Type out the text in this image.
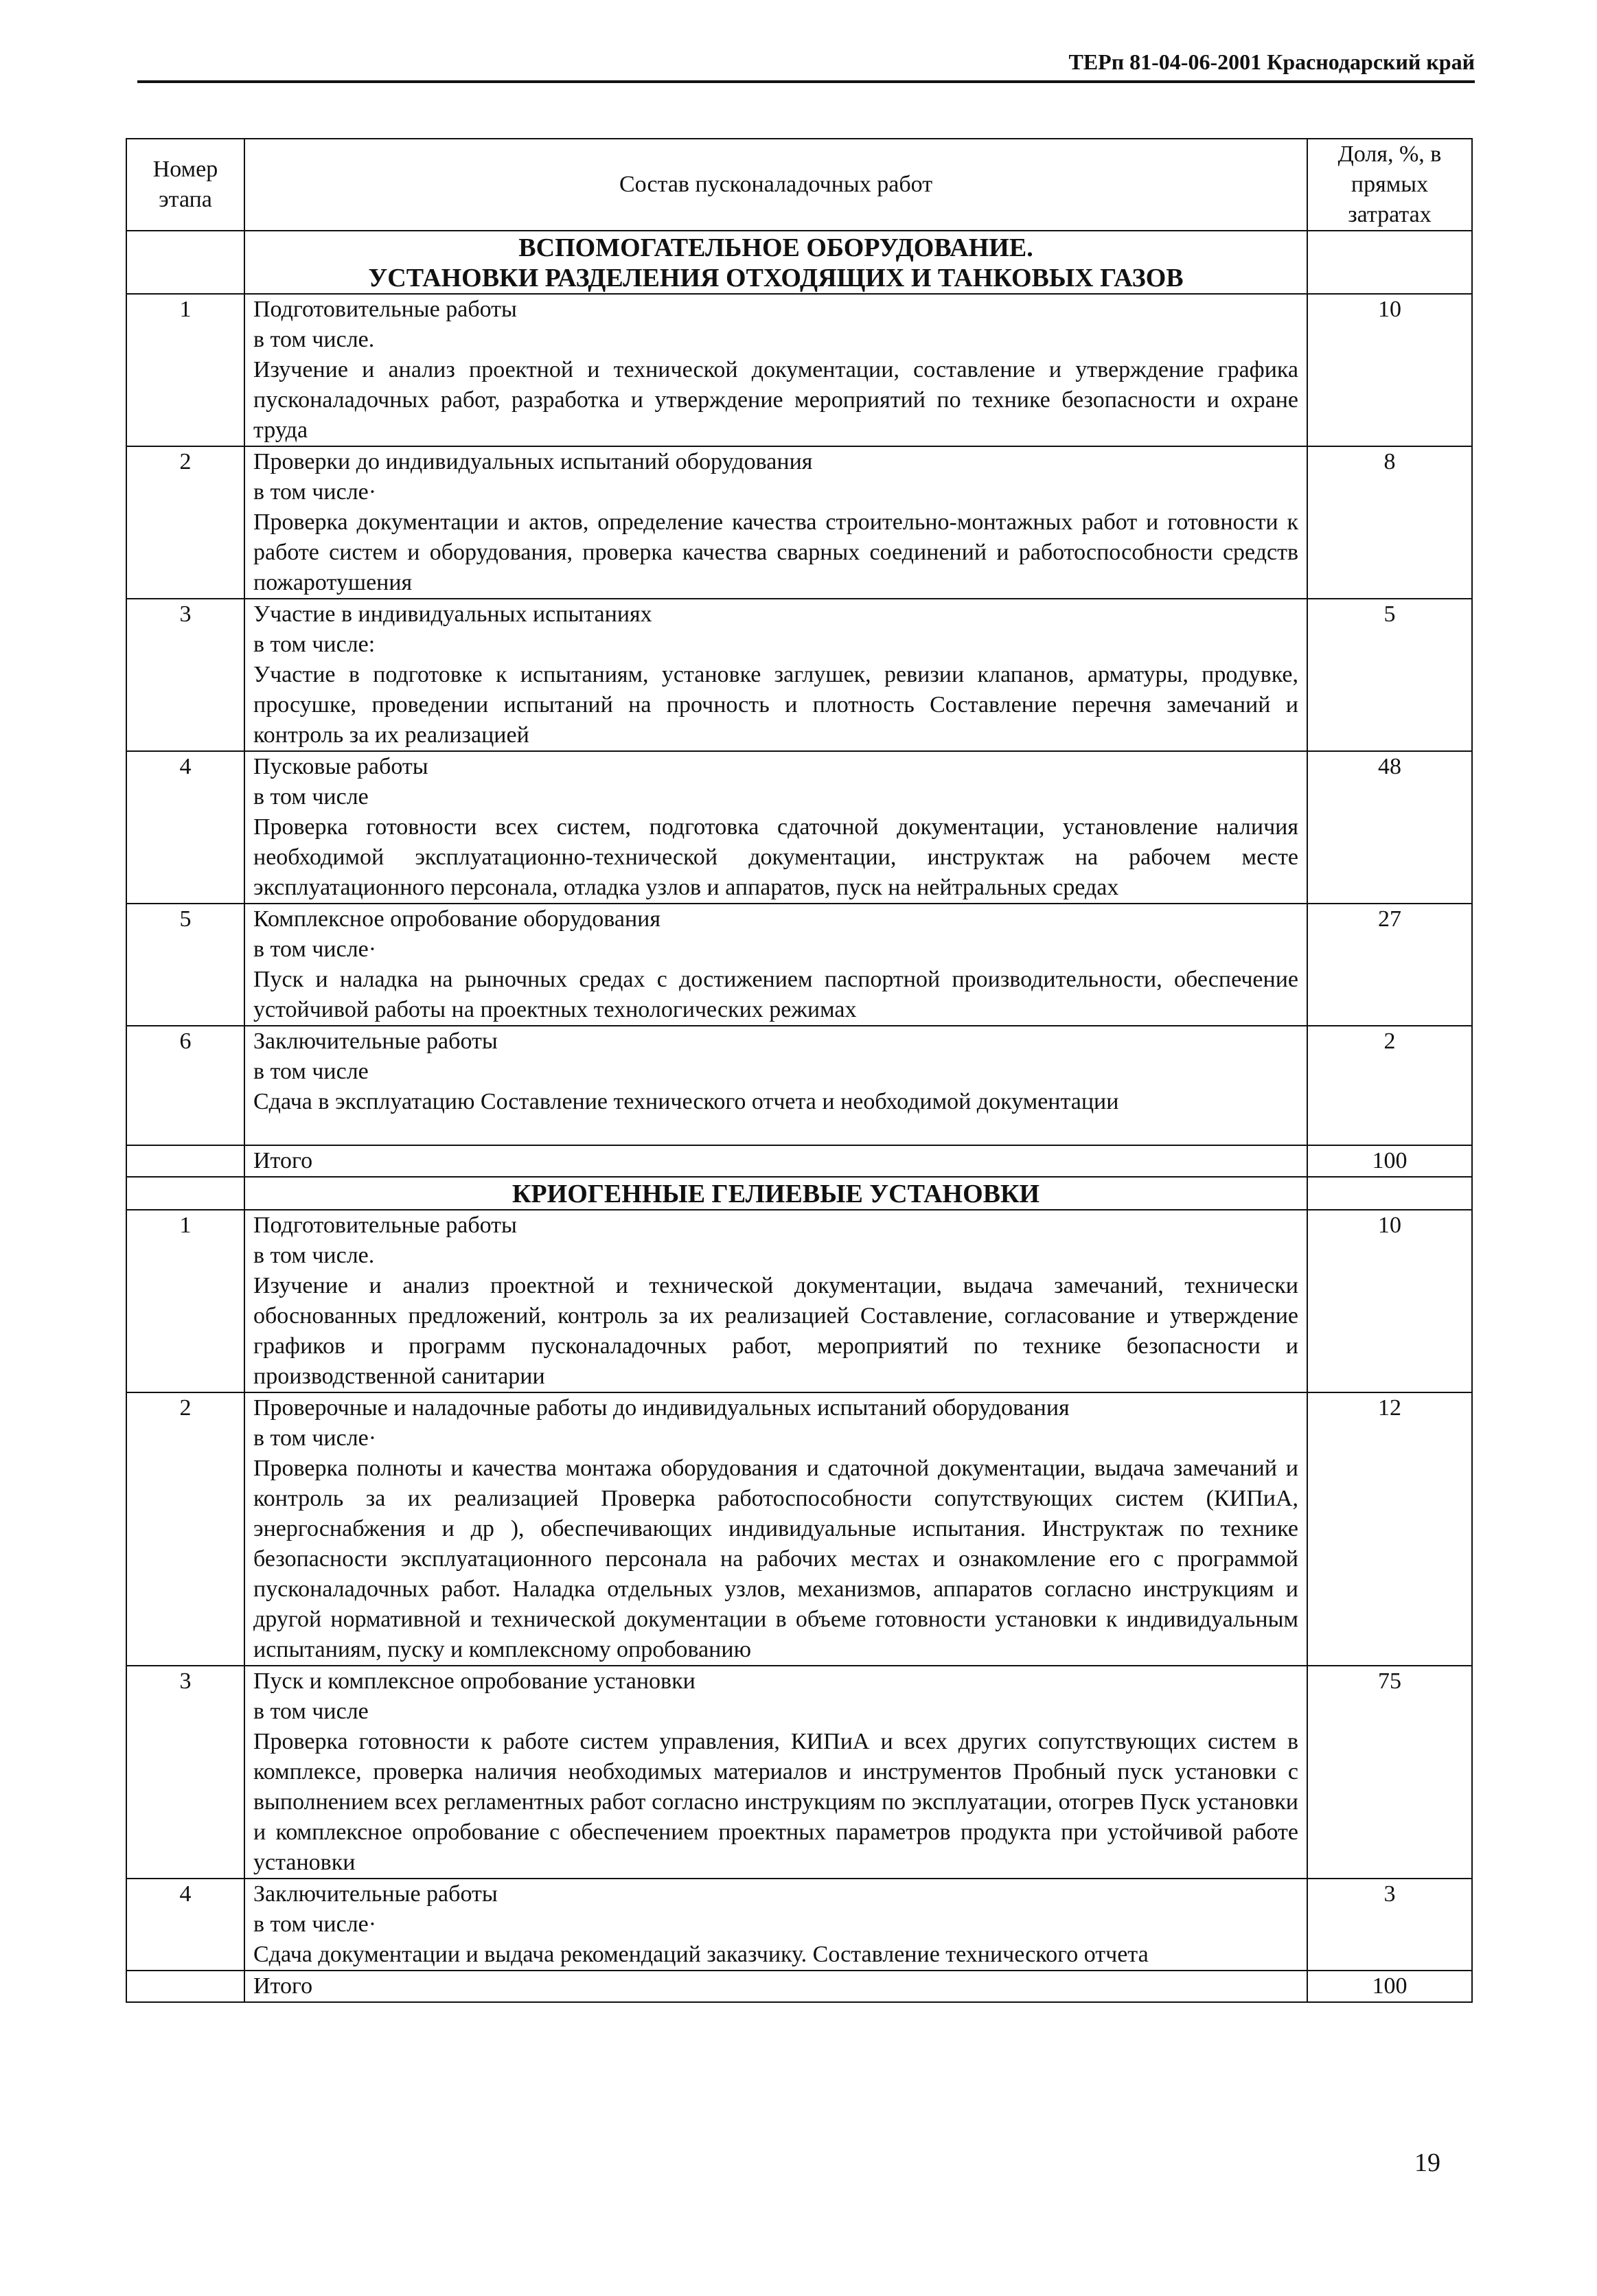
ТЕРп 81-04-06-2001 Краснодарский край
Номер этапа	Состав пусконаладочных работ	Доля, %, в прямых затратах

	ВСПОМОГАТЕЛЬНОЕ ОБОРУДОВАНИЕ.
УСТАНОВКИ РАЗДЕЛЕНИЯ ОТХОДЯЩИХ И ТАНКОВЫХ ГАЗОВ	

1	Подготовительные работы
в том числе.
Изучение и анализ проектной и технической документации, составление и утверждение графика пусконаладочных работ, разработка и утверждение мероприятий по технике безопасности и охране труда	10
2	Проверки до индивидуальных испытаний оборудования
в том числе·
Проверка документации и актов, определение качества строительно-монтажных работ и готовности к работе систем и оборудования, проверка качества сварных соединений и работоспособности средств пожаротушения	8
3	Участие в индивидуальных испытаниях
в том числе:
Участие в подготовке к испытаниям, установке заглушек, ревизии клапанов, арматуры, продувке, просушке, проведении испытаний на прочность и плотность Составление перечня замечаний и контроль за их реализацией	5
4	Пусковые работы
в том числе
Проверка готовности всех систем, подготовка сдаточной документации, установление наличия необходимой эксплуатационно-технической документации, инструктаж на рабочем месте эксплуатационного персонала, отладка узлов и аппаратов, пуск на нейтральных средах	48
5	Комплексное опробование оборудования
в том числе·
Пуск и наладка на рыночных средах с достижением паспортной производительности, обеспечение устойчивой работы на проектных технологических режимах	27
6	Заключительные работы
в том числе
Сдача в эксплуатацию Составление технического отчета и необходимой документации	2
	Итого	100

	КРИОГЕННЫЕ ГЕЛИЕВЫЕ УСТАНОВКИ	

1	Подготовительные работы
в том числе.
Изучение и анализ проектной и технической документации, выдача замечаний, технически обоснованных предложений, контроль за их реализацией Составление, согласование и утверждение графиков и программ пусконаладочных работ, мероприятий по технике безопасности и производственной санитарии	10
2	Проверочные и наладочные работы до индивидуальных испытаний оборудования
в том числе·
Проверка полноты и качества монтажа оборудования и сдаточной документации, выдача замечаний и контроль за их реализацией Проверка работоспособности сопутствующих систем (КИПиА, энергоснабжения и др ), обеспечивающих индивидуальные испытания. Инструктаж по технике безопасности эксплуатационного персонала на рабочих местах и ознакомление его с программой пусконаладочных работ. Наладка отдельных узлов, механизмов, аппаратов согласно инструкциям и другой нормативной и технической документации в объеме готовности установки к индивидуальным испытаниям, пуску и комплексному опробованию	12
3	Пуск и комплексное опробование установки
в том числе
Проверка готовности к работе систем управления, КИПиА и всех других сопутствующих систем в комплексе, проверка наличия необходимых материалов и инструментов Пробный пуск установки с выполнением всех регламентных работ согласно инструкциям по эксплуатации, отогрев Пуск установки и комплексное опробование с обеспечением проектных параметров продукта при устойчивой работе установки	75
4	Заключительные работы
в том числе·
Сдача документации и выдача рекомендаций заказчику. Составление технического отчета	3
	Итого	100
19
